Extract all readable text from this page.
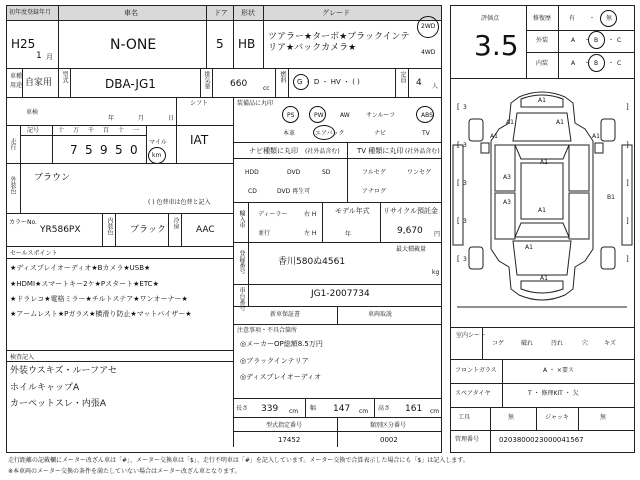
初年度登録年月	車名	ドア 形状	グレード
H25
1 月
N-ONE	5 HB ツアラー★ターボ★ブラックインテリア★バックカメラ★
2WD
4WD
車種
用途 自家用 型式	DBA-JG1	排気量 660	cc
燃料 G ・ D ・ HV ・ ( )	定員 4 人
車検
年	月	日
シフト
IAT
走行
記号	十 万 千 百 十 一
7 5 9 5 0
マイル
km
外装色 ブラウン
( ) 色替車は色替と記入
カラーNo.
YR586PX	内装色 ブラック
冷房
AAC
セールスポイント
★ディスプレイオーディオ★Bカメラ★USB★
★HDMI★スマートキー2ケ★Pスタート★ETC★
★ドラレコ★電格ミラー★チルトステア★ワンオーナー★
★アームレスト★Pガラス★横滑り防止★マットバイザー★
検査記入
外装ウスキズ・ルーフアセ
ホイルキャップA
カーペットスレ・内張A
装備品に丸印
PS	PW	AW	サンルーフ	ABS
本革	エアバック	ナビ	TV
ナビ種類に丸印 (社外品含む) TV 種類に丸印 (社外品含む)
HDD	DVD	SD
CD	DVD 再生可
フルセグ	ワンセグ
アナログ
輸入車 ディーラー
並行
右 H
左 H
モデル年式
年
リサイクル預託金
9,670 円
登録番号	香川580ぬ4561
最大積載量
kg
車台番号	JG1-2007734
新車保証書	車両取説
注意事項・不具合箇所
◎メーカーOP総額8.5万円
◎ブラックインテリア
◎ディスプレイオーディオ
長さ 339 cm 幅 147 cm 高さ 161 cm
型式指定番号	類別区分番号
17452	0002
評価点
3.5
修復歴	有 ・ 無
外装	A ・ B ・ C
内装	A ・ B ・ C
A1
A1	A1
A1	A1
A1
A1
A1
A3
A3
B1
A1
[ 3
[ 3
[ 3
[ 3
[ 3
]
]
]
]
]
室内シート
コゲ	破れ	汚れ	穴	キズ
フロントガラス	A ・ ×要ス
スペアタイヤ	T ・ 修理KIT ・ 欠
工具	無	ジャッキ	無
管理番号	0203800023000041567
走行距離の記載欄にメーター改ざん車は「#」、メーター交換車は「$」、走行不明車は「#」を記入しています。メーター交換で合算表示した場合にも「$」は記入します。
※本車両のメーター交換の条件を満たしていない場合はメーター改ざん車となります。
